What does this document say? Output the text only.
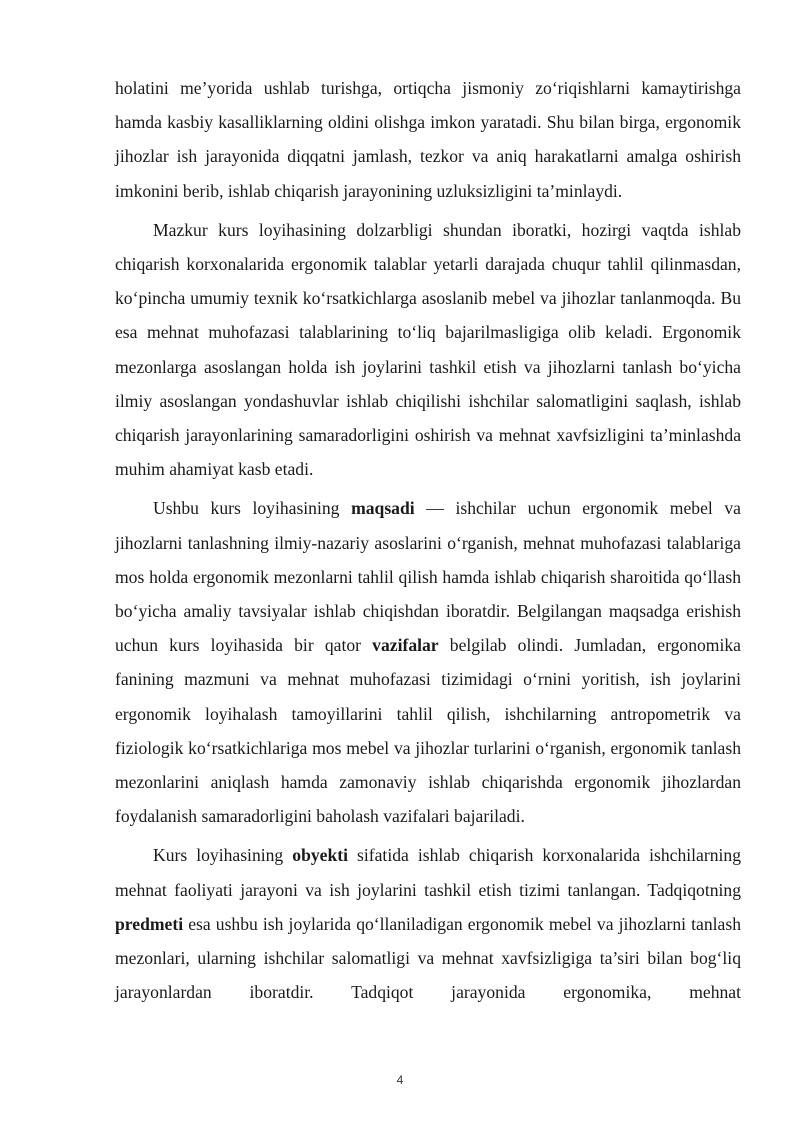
holatini me’yorida ushlab turishga, ortiqcha jismoniy zo‘riqishlarni kamaytirishga hamda kasbiy kasalliklarning oldini olishga imkon yaratadi. Shu bilan birga, ergonomik jihozlar ish jarayonida diqqatni jamlash, tezkor va aniq harakatlarni amalga oshirish imkonini berib, ishlab chiqarish jarayonining uzluksizligini ta’minlaydi.

Mazkur kurs loyihasining dolzarbligi shundan iboratki, hozirgi vaqtda ishlab chiqarish korxonalarida ergonomik talablar yetarli darajada chuqur tahlil qilinmasdan, ko‘pincha umumiy texnik ko‘rsatkichlarga asoslanib mebel va jihozlar tanlanmoqda. Bu esa mehnat muhofazasi talablarining to‘liq bajarilmasligiga olib keladi. Ergonomik mezonlarga asoslangan holda ish joylarini tashkil etish va jihozlarni tanlash bo‘yicha ilmiy asoslangan yondashuvlar ishlab chiqilishi ishchilar salomatligini saqlash, ishlab chiqarish jarayonlarining samaradorligini oshirish va mehnat xavfsizligini ta’minlashda muhim ahamiyat kasb etadi.

Ushbu kurs loyihasining maqsadi — ishchilar uchun ergonomik mebel va jihozlarni tanlashning ilmiy-nazariy asoslarini o‘rganish, mehnat muhofazasi talablariga mos holda ergonomik mezonlarni tahlil qilish hamda ishlab chiqarish sharoitida qo‘llash bo‘yicha amaliy tavsiyalar ishlab chiqishdan iboratdir. Belgilangan maqsadga erishish uchun kurs loyihasida bir qator vazifalar belgilab olindi. Jumladan, ergonomika fanining mazmuni va mehnat muhofazasi tizimidagi o‘rnini yoritish, ish joylarini ergonomik loyihalash tamoyillarini tahlil qilish, ishchilarning antropometrik va fiziologik ko‘rsatkichlariga mos mebel va jihozlar turlarini o‘rganish, ergonomik tanlash mezonlarini aniqlash hamda zamonaviy ishlab chiqarishda ergonomik jihozlardan foydalanish samaradorligini baholash vazifalari bajariladi.

Kurs loyihasining obyekti sifatida ishlab chiqarish korxonalarida ishchilarning mehnat faoliyati jarayoni va ish joylarini tashkil etish tizimi tanlangan. Tadqiqotning predmeti esa ushbu ish joylarida qo‘llaniladigan ergonomik mebel va jihozlarni tanlash mezonlari, ularning ishchilar salomatligi va mehnat xavfsizligiga ta’siri bilan bog‘liq jarayonlardan iboratdir. Tadqiqot jarayonida ergonomika, mehnat

4
